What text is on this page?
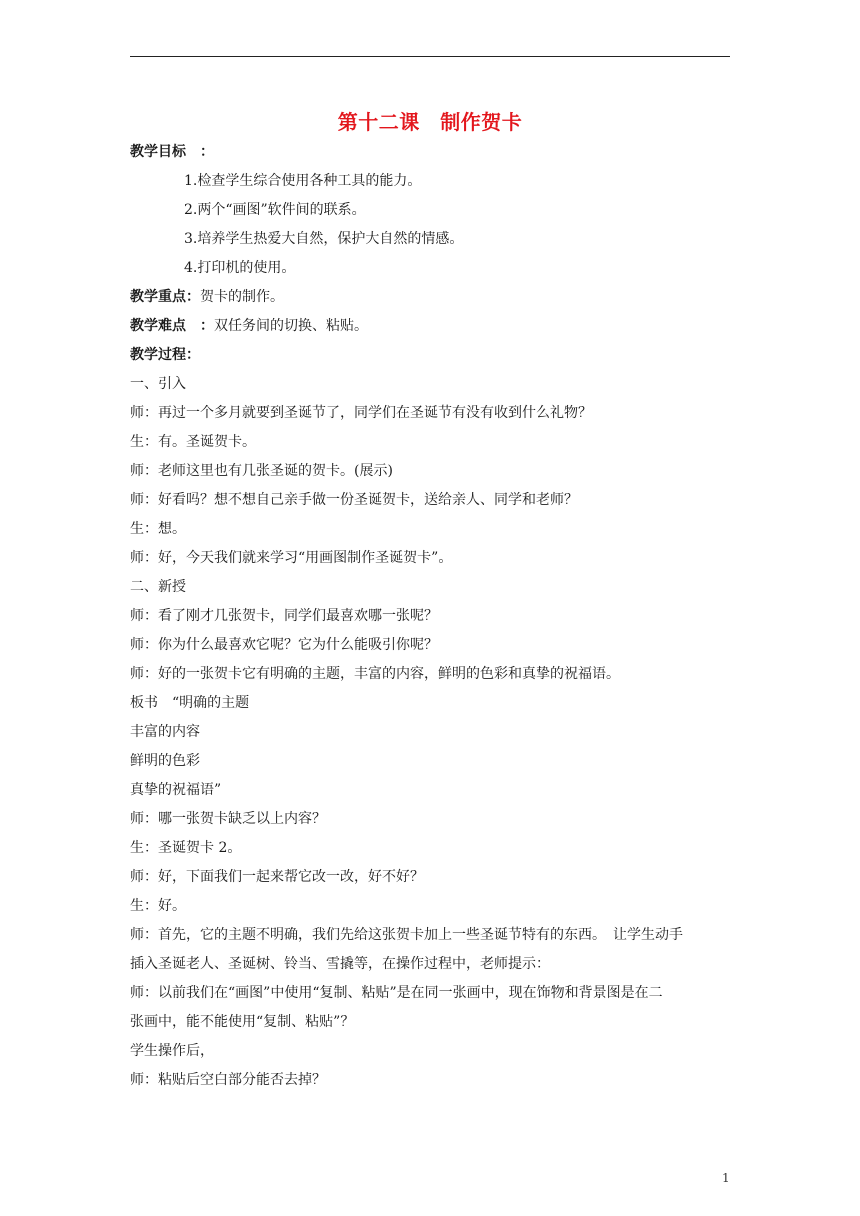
第十二课　制作贺卡
教学目标　：
1.检查学生综合使用各种工具的能力。
2.两个“画图”软件间的联系。
3.培养学生热爱大自然，保护大自然的情感。
4.打印机的使用。
教学重点：贺卡的制作。
教学难点　：双任务间的切换、粘贴。
教学过程：
一、引入
师：再过一个多月就要到圣诞节了，同学们在圣诞节有没有收到什么礼物？
生：有。圣诞贺卡。
师：老师这里也有几张圣诞的贺卡。(展示)
师：好看吗？想不想自己亲手做一份圣诞贺卡，送给亲人、同学和老师？
生：想。
师：好，今天我们就来学习“用画图制作圣诞贺卡”。
二、新授
师：看了刚才几张贺卡，同学们最喜欢哪一张呢？
师：你为什么最喜欢它呢？它为什么能吸引你呢？
师：好的一张贺卡它有明确的主题，丰富的内容，鲜明的色彩和真挚的祝福语。
板书　“明确的主题
丰富的内容
鲜明的色彩
真挚的祝福语”
师：哪一张贺卡缺乏以上内容？
生：圣诞贺卡 2。
师：好，下面我们一起来帮它改一改，好不好？
生：好。
师：首先，它的主题不明确，我们先给这张贺卡加上一些圣诞节特有的东西。　让学生动手
插入圣诞老人、圣诞树、铃当、雪撬等，在操作过程中，老师提示：
师：以前我们在“画图”中使用“复制、粘贴”是在同一张画中，现在饰物和背景图是在二
张画中，能不能使用“复制、粘贴”？
学生操作后，
师：粘贴后空白部分能否去掉？
1
